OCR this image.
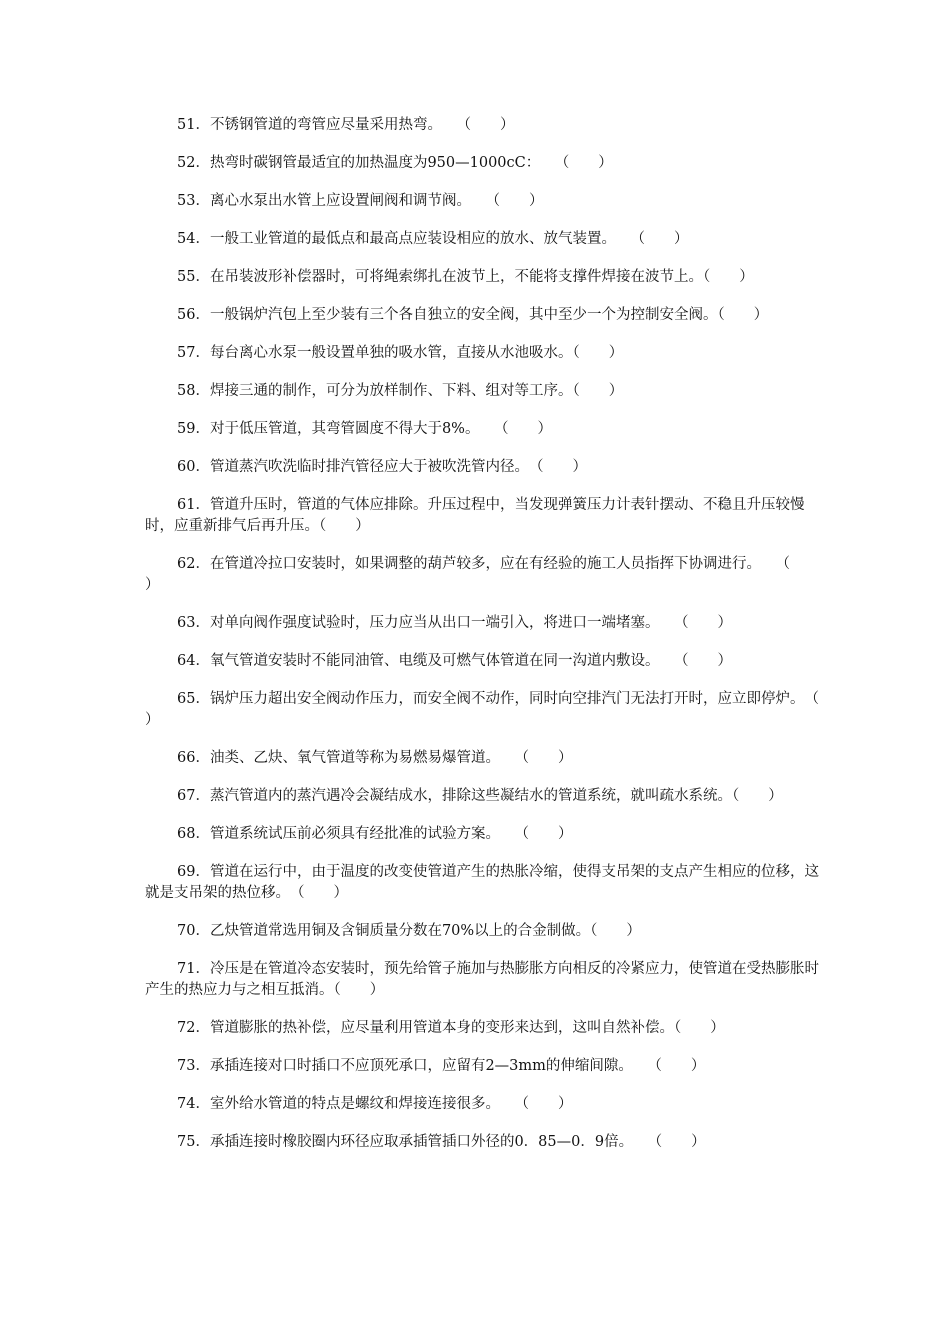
51．不锈钢管道的弯管应尽量采用热弯。　　（　　）

52．热弯时碳钢管最适宜的加热温度为950—1000cC：　　（　　）

53．离心水泵出水管上应设置闸阀和调节阀。　　（　　）

54．一般工业管道的最低点和最高点应装设相应的放水、放气装置。　　（　　）

55．在吊装波形补偿器时，可将绳索绑扎在波节上，不能将支撑件焊接在波节上。（　　）

56．一般锅炉汽包上至少装有三个各自独立的安全阀，其中至少一个为控制安全阀。（　　）

57．每台离心水泵一般设置单独的吸水管，直接从水池吸水。（　　）

58．焊接三通的制作，可分为放样制作、下料、组对等工序。（　　）

59．对于低压管道，其弯管圆度不得大于8%。　　（　　）

60．管道蒸汽吹洗临时排汽管径应大于被吹洗管内径。　（　　）

61．管道升压时，管道的气体应排除。升压过程中，当发现弹簧压力计表针摆动、不稳且升压较慢时，应重新排气后再升压。（　　）

62．在管道冷拉口安装时，如果调整的葫芦较多，应在有经验的施工人员指挥下协调进行。　　（　　）

63．对单向阀作强度试验时，压力应当从出口一端引入，将进口一端堵塞。　　（　　）

64．氧气管道安装时不能同油管、电缆及可燃气体管道在同一沟道内敷设。　　（　　）

65．锅炉压力超出安全阀动作压力，而安全阀不动作，同时向空排汽门无法打开时，应立即停炉。　（　　）

66．油类、乙炔、氧气管道等称为易燃易爆管道。　　（　　）

67．蒸汽管道内的蒸汽遇冷会凝结成水，排除这些凝结水的管道系统，就叫疏水系统。（　　）

68．管道系统试压前必须具有经批准的试验方案。　　（　　）

69．管道在运行中，由于温度的改变使管道产生的热胀冷缩，使得支吊架的支点产生相应的位移，这就是支吊架的热位移。　（　　）

70．乙炔管道常选用铜及含铜质量分数在70%以上的合金制做。（　　）

71．冷压是在管道冷态安装时，预先给管子施加与热膨胀方向相反的冷紧应力，使管道在受热膨胀时产生的热应力与之相互抵消。（　　）

72．管道膨胀的热补偿，应尽量利用管道本身的变形来达到，这叫自然补偿。（　　）

73．承插连接对口时插口不应顶死承口，应留有2—3mm的伸缩间隙。　　（　　）

74．室外给水管道的特点是螺纹和焊接连接很多。　　（　　）

75．承插连接时橡胶圈内环径应取承插管插口外径的0．85—0．9倍。　　（　　）
